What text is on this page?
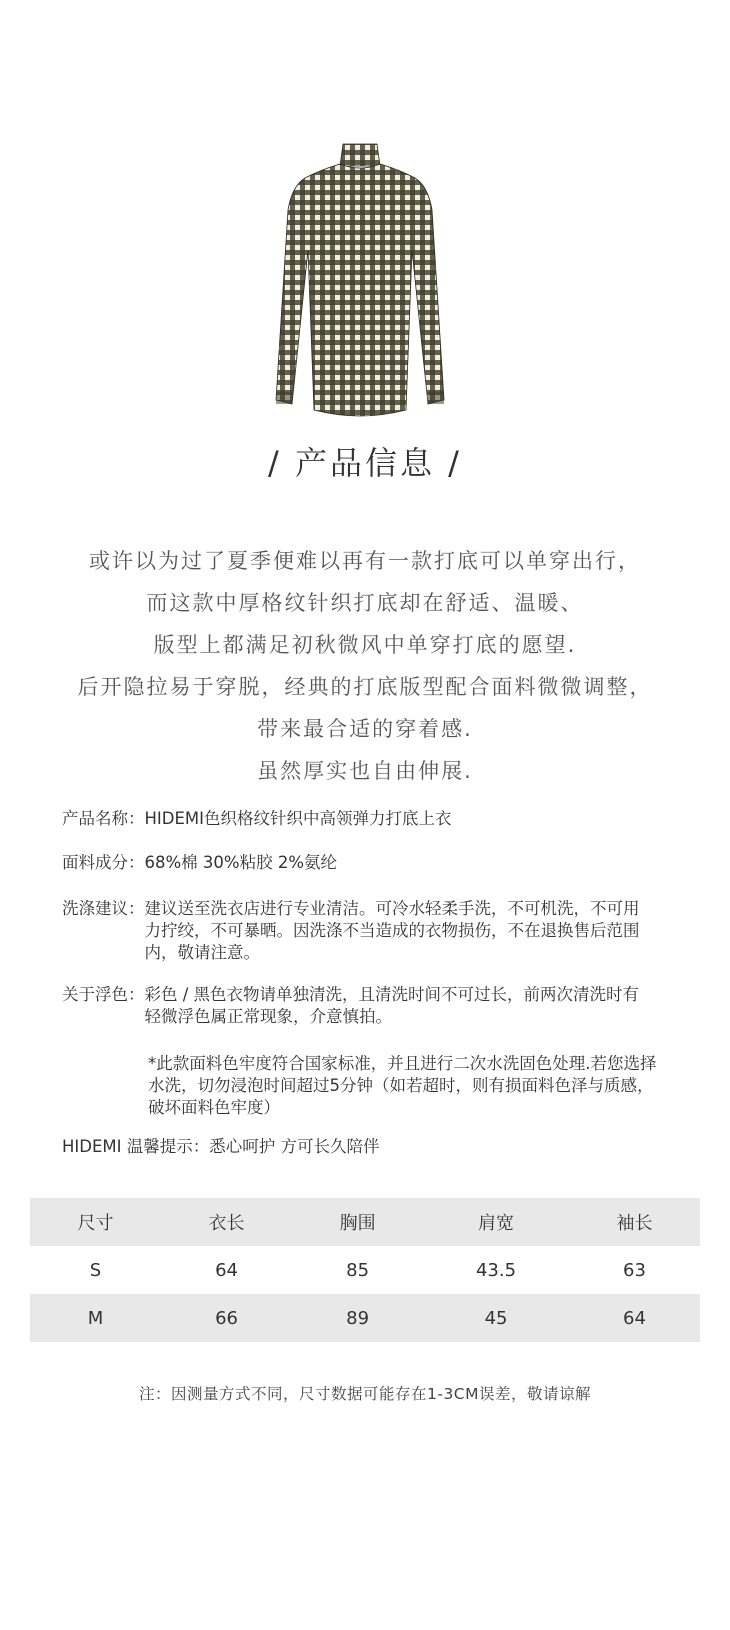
/ 产品信息 /
或许以为过了夏季便难以再有一款打底可以单穿出行，
而这款中厚格纹针织打底却在舒适、温暖、
版型上都满足初秋微风中单穿打底的愿望.
后开隐拉易于穿脱，经典的打底版型配合面料微微调整，
带来最合适的穿着感.
虽然厚实也自由伸展.
产品名称： HIDEMI色织格纹针织中高领弹力打底上衣
面料成分： 68%棉 30%粘胶 2%氨纶
洗涤建议： 建议送至洗衣店进行专业清洁。可冷水轻柔手洗，不可机洗，不可用力拧绞，不可暴晒。因洗涤不当造成的衣物损伤，不在退换售后范围内，敬请注意。
关于浮色： 彩色 / 黑色衣物请单独清洗，且清洗时间不可过长，前两次清洗时有轻微浮色属正常现象，介意慎拍。
*此款面料色牢度符合国家标准，并且进行二次水洗固色处理.若您选择水洗，切勿浸泡时间超过5分钟（如若超时，则有损面料色泽与质感，破坏面料色牢度）
HIDEMI 温馨提示：悉心呵护 方可长久陪伴
尺寸	衣长	胸围	肩宽	袖长
S	64	85	43.5	63
M	66	89	45	64
注：因测量方式不同，尺寸数据可能存在1-3CM误差，敬请谅解
